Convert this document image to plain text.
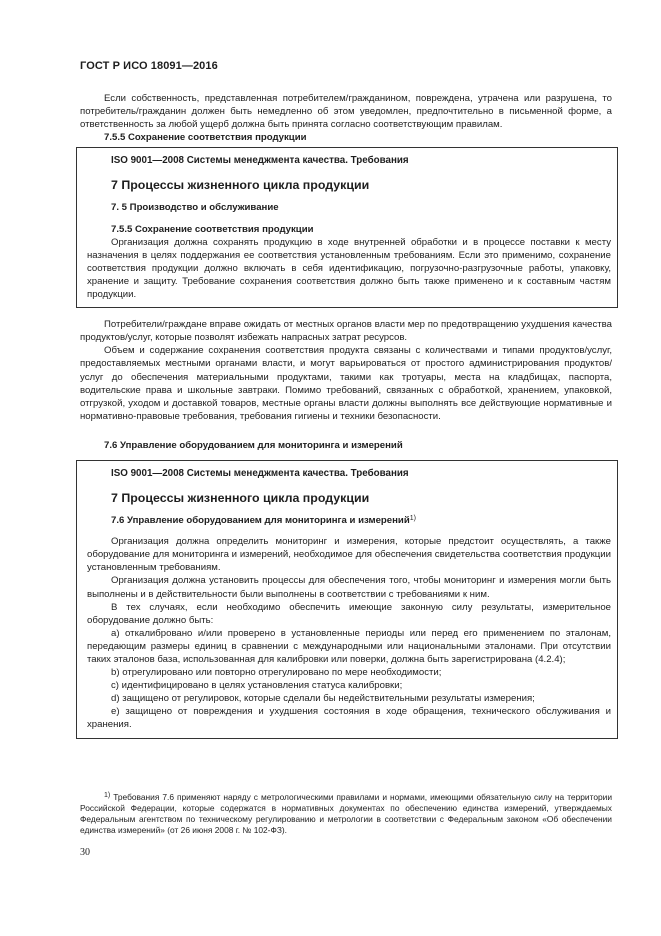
ГОСТ Р ИСО 18091—2016

Если собственность, представленная потребителем/гражданином, повреждена, утрачена или разрушена, то потребитель/гражданин должен быть немедленно об этом уведомлен, предпочтительно в письменной форме, а ответственность за любой ущерб должна быть принята согласно соответствующим правилам.

7.5.5 Сохранение соответствия продукции

ISO 9001—2008 Системы менеджмента качества. Требования

7 Процессы жизненного цикла продукции

7. 5 Производство и обслуживание

7.5.5 Сохранение соответствия продукции

Организация должна сохранять продукцию в ходе внутренней обработки и в процессе поставки к месту назначения в целях поддержания ее соответствия установленным требованиям. Если это применимо, сохранение соответствия продукции должно включать в себя идентификацию, погрузочно-разгрузочные работы, упаковку, хранение и защиту. Требование сохранения соответствия должно быть также применено и к составным частям продукции.

Потребители/граждане вправе ожидать от местных органов власти мер по предотвращению ухудшения качества продуктов/услуг, которые позволят избежать напрасных затрат ресурсов.

Объем и содержание сохранения соответствия продукта связаны с количествами и типами продуктов/услуг, предоставляемых местными органами власти, и могут варьироваться от простого администрирования продуктов/услуг до обеспечения материальными продуктами, такими как тротуары, места на кладбищах, паспорта, водительские права и школьные завтраки. Помимо требований, связанных с обработкой, хранением, упаковкой, отгрузкой, уходом и доставкой товаров, местные органы власти должны выполнять все действующие нормативные и нормативно-правовые требования, требования гигиены и техники безопасности.

7.6 Управление оборудованием для мониторинга и измерений

ISO 9001—2008 Системы менеджмента качества. Требования

7 Процессы жизненного цикла продукции

7.6 Управление оборудованием для мониторинга и измерений$^{1)}$

Организация должна определить мониторинг и измерения, которые предстоит осуществлять, а также оборудование для мониторинга и измерений, необходимое для обеспечения свидетельства соответствия продукции установленным требованиям.

Организация должна установить процессы для обеспечения того, чтобы мониторинг и измерения могли быть выполнены и в действительности были выполнены в соответствии с требованиями к ним.

В тех случаях, если необходимо обеспечить имеющие законную силу результаты, измерительное оборудование должно быть:

а) откалибровано и/или проверено в установленные периоды или перед его применением по эталонам, передающим размеры единиц в сравнении с международными или национальными эталонами. При отсутствии таких эталонов база, использованная для калибровки или поверки, должна быть зарегистрирована (4.2.4);

b) отрегулировано или повторно отрегулировано по мере необходимости;

c) идентифицировано в целях установления статуса калибровки;

d) защищено от регулировок, которые сделали бы недействительными результаты измерения;

e) защищено от повреждения и ухудшения состояния в ходе обращения, технического обслуживания и хранения.

$^{1)}$ Требования 7.6 применяют наряду с метрологическими правилами и нормами, имеющими обязательную силу на территории Российской Федерации, которые содержатся в нормативных документах по обеспечению единства измерений, утверждаемых Федеральным агентством по техническому регулированию и метрологии в соответствии с Федеральным законом «Об обеспечении единства измерений» (от 26 июня 2008 г. № 102-ФЗ).

30
